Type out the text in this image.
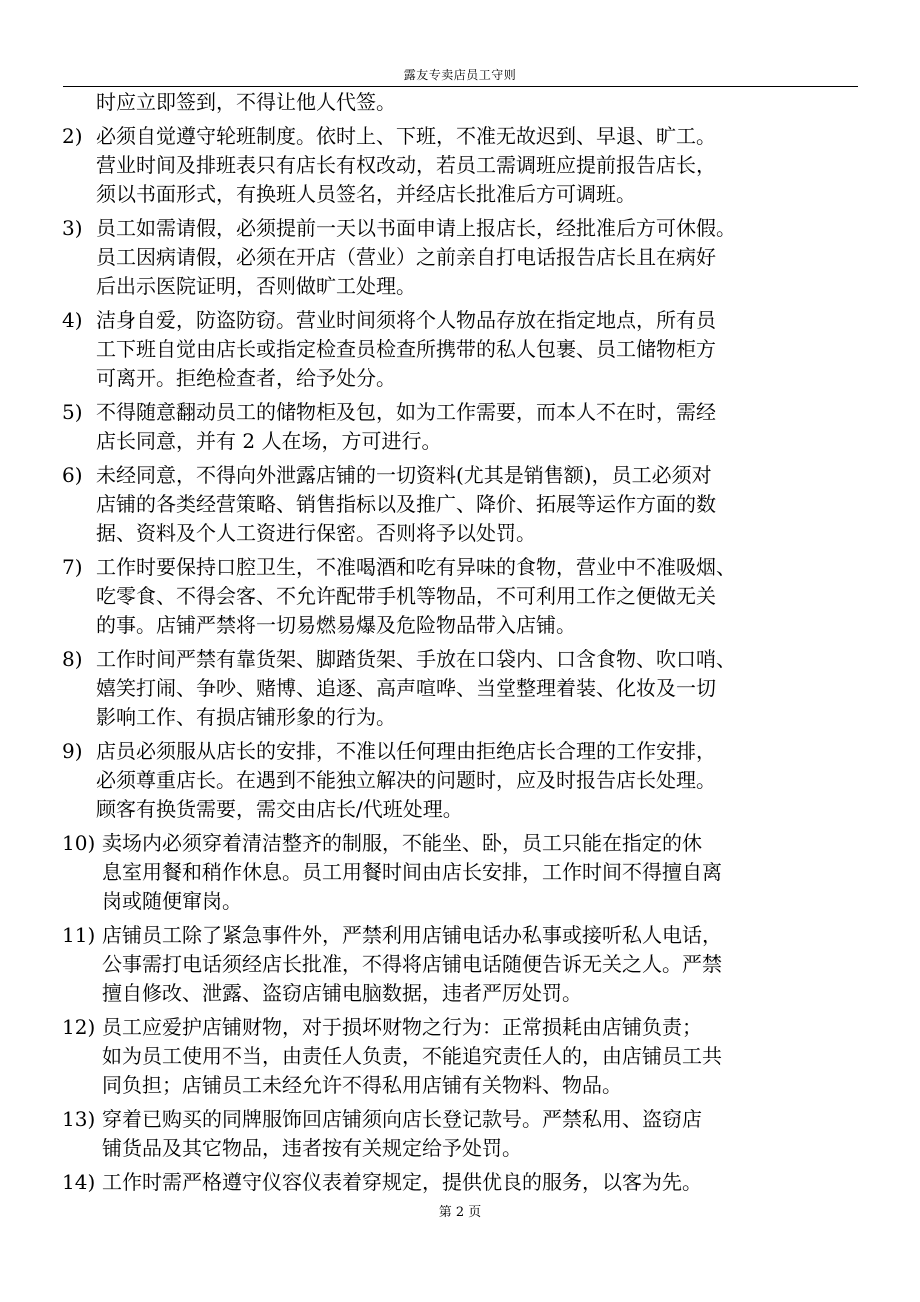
露友专卖店员工守则
时应立即签到，不得让他人代签。
2) 必须自觉遵守轮班制度。依时上、下班，不准无故迟到、早退、旷工。
营业时间及排班表只有店长有权改动，若员工需调班应提前报告店长，
须以书面形式，有换班人员签名，并经店长批准后方可调班。
3) 员工如需请假，必须提前一天以书面申请上报店长，经批准后方可休假。
员工因病请假，必须在开店（营业）之前亲自打电话报告店长且在病好
后出示医院证明，否则做旷工处理。
4) 洁身自爱，防盗防窃。营业时间须将个人物品存放在指定地点，所有员
工下班自觉由店长或指定检查员检查所携带的私人包裹、员工储物柜方
可离开。拒绝检查者，给予处分。
5) 不得随意翻动员工的储物柜及包，如为工作需要，而本人不在时，需经
店长同意，并有 2 人在场，方可进行。
6) 未经同意，不得向外泄露店铺的一切资料(尤其是销售额)，员工必须对
店铺的各类经营策略、销售指标以及推广、降价、拓展等运作方面的数
据、资料及个人工资进行保密。否则将予以处罚。
7) 工作时要保持口腔卫生，不准喝酒和吃有异味的食物，营业中不准吸烟、
吃零食、不得会客、不允许配带手机等物品，不可利用工作之便做无关
的事。店铺严禁将一切易燃易爆及危险物品带入店铺。
8) 工作时间严禁有靠货架、脚踏货架、手放在口袋内、口含食物、吹口哨、
嬉笑打闹、争吵、赌博、追逐、高声喧哗、当堂整理着装、化妆及一切
影响工作、有损店铺形象的行为。
9) 店员必须服从店长的安排，不准以任何理由拒绝店长合理的工作安排，
必须尊重店长。在遇到不能独立解决的问题时，应及时报告店长处理。
顾客有换货需要，需交由店长/代班处理。
10) 卖场内必须穿着清洁整齐的制服，不能坐、卧，员工只能在指定的休
息室用餐和稍作休息。员工用餐时间由店长安排，工作时间不得擅自离
岗或随便窜岗。
11) 店铺员工除了紧急事件外，严禁利用店铺电话办私事或接听私人电话，
公事需打电话须经店长批准，不得将店铺电话随便告诉无关之人。严禁
擅自修改、泄露、盗窃店铺电脑数据，违者严厉处罚。
12) 员工应爱护店铺财物，对于损坏财物之行为：正常损耗由店铺负责；
如为员工使用不当，由责任人负责，不能追究责任人的，由店铺员工共
同负担；店铺员工未经允许不得私用店铺有关物料、物品。
13) 穿着已购买的同牌服饰回店铺须向店长登记款号。严禁私用、盗窃店
铺货品及其它物品，违者按有关规定给予处罚。
14) 工作时需严格遵守仪容仪表着穿规定，提供优良的服务，以客为先。
第 2 页
